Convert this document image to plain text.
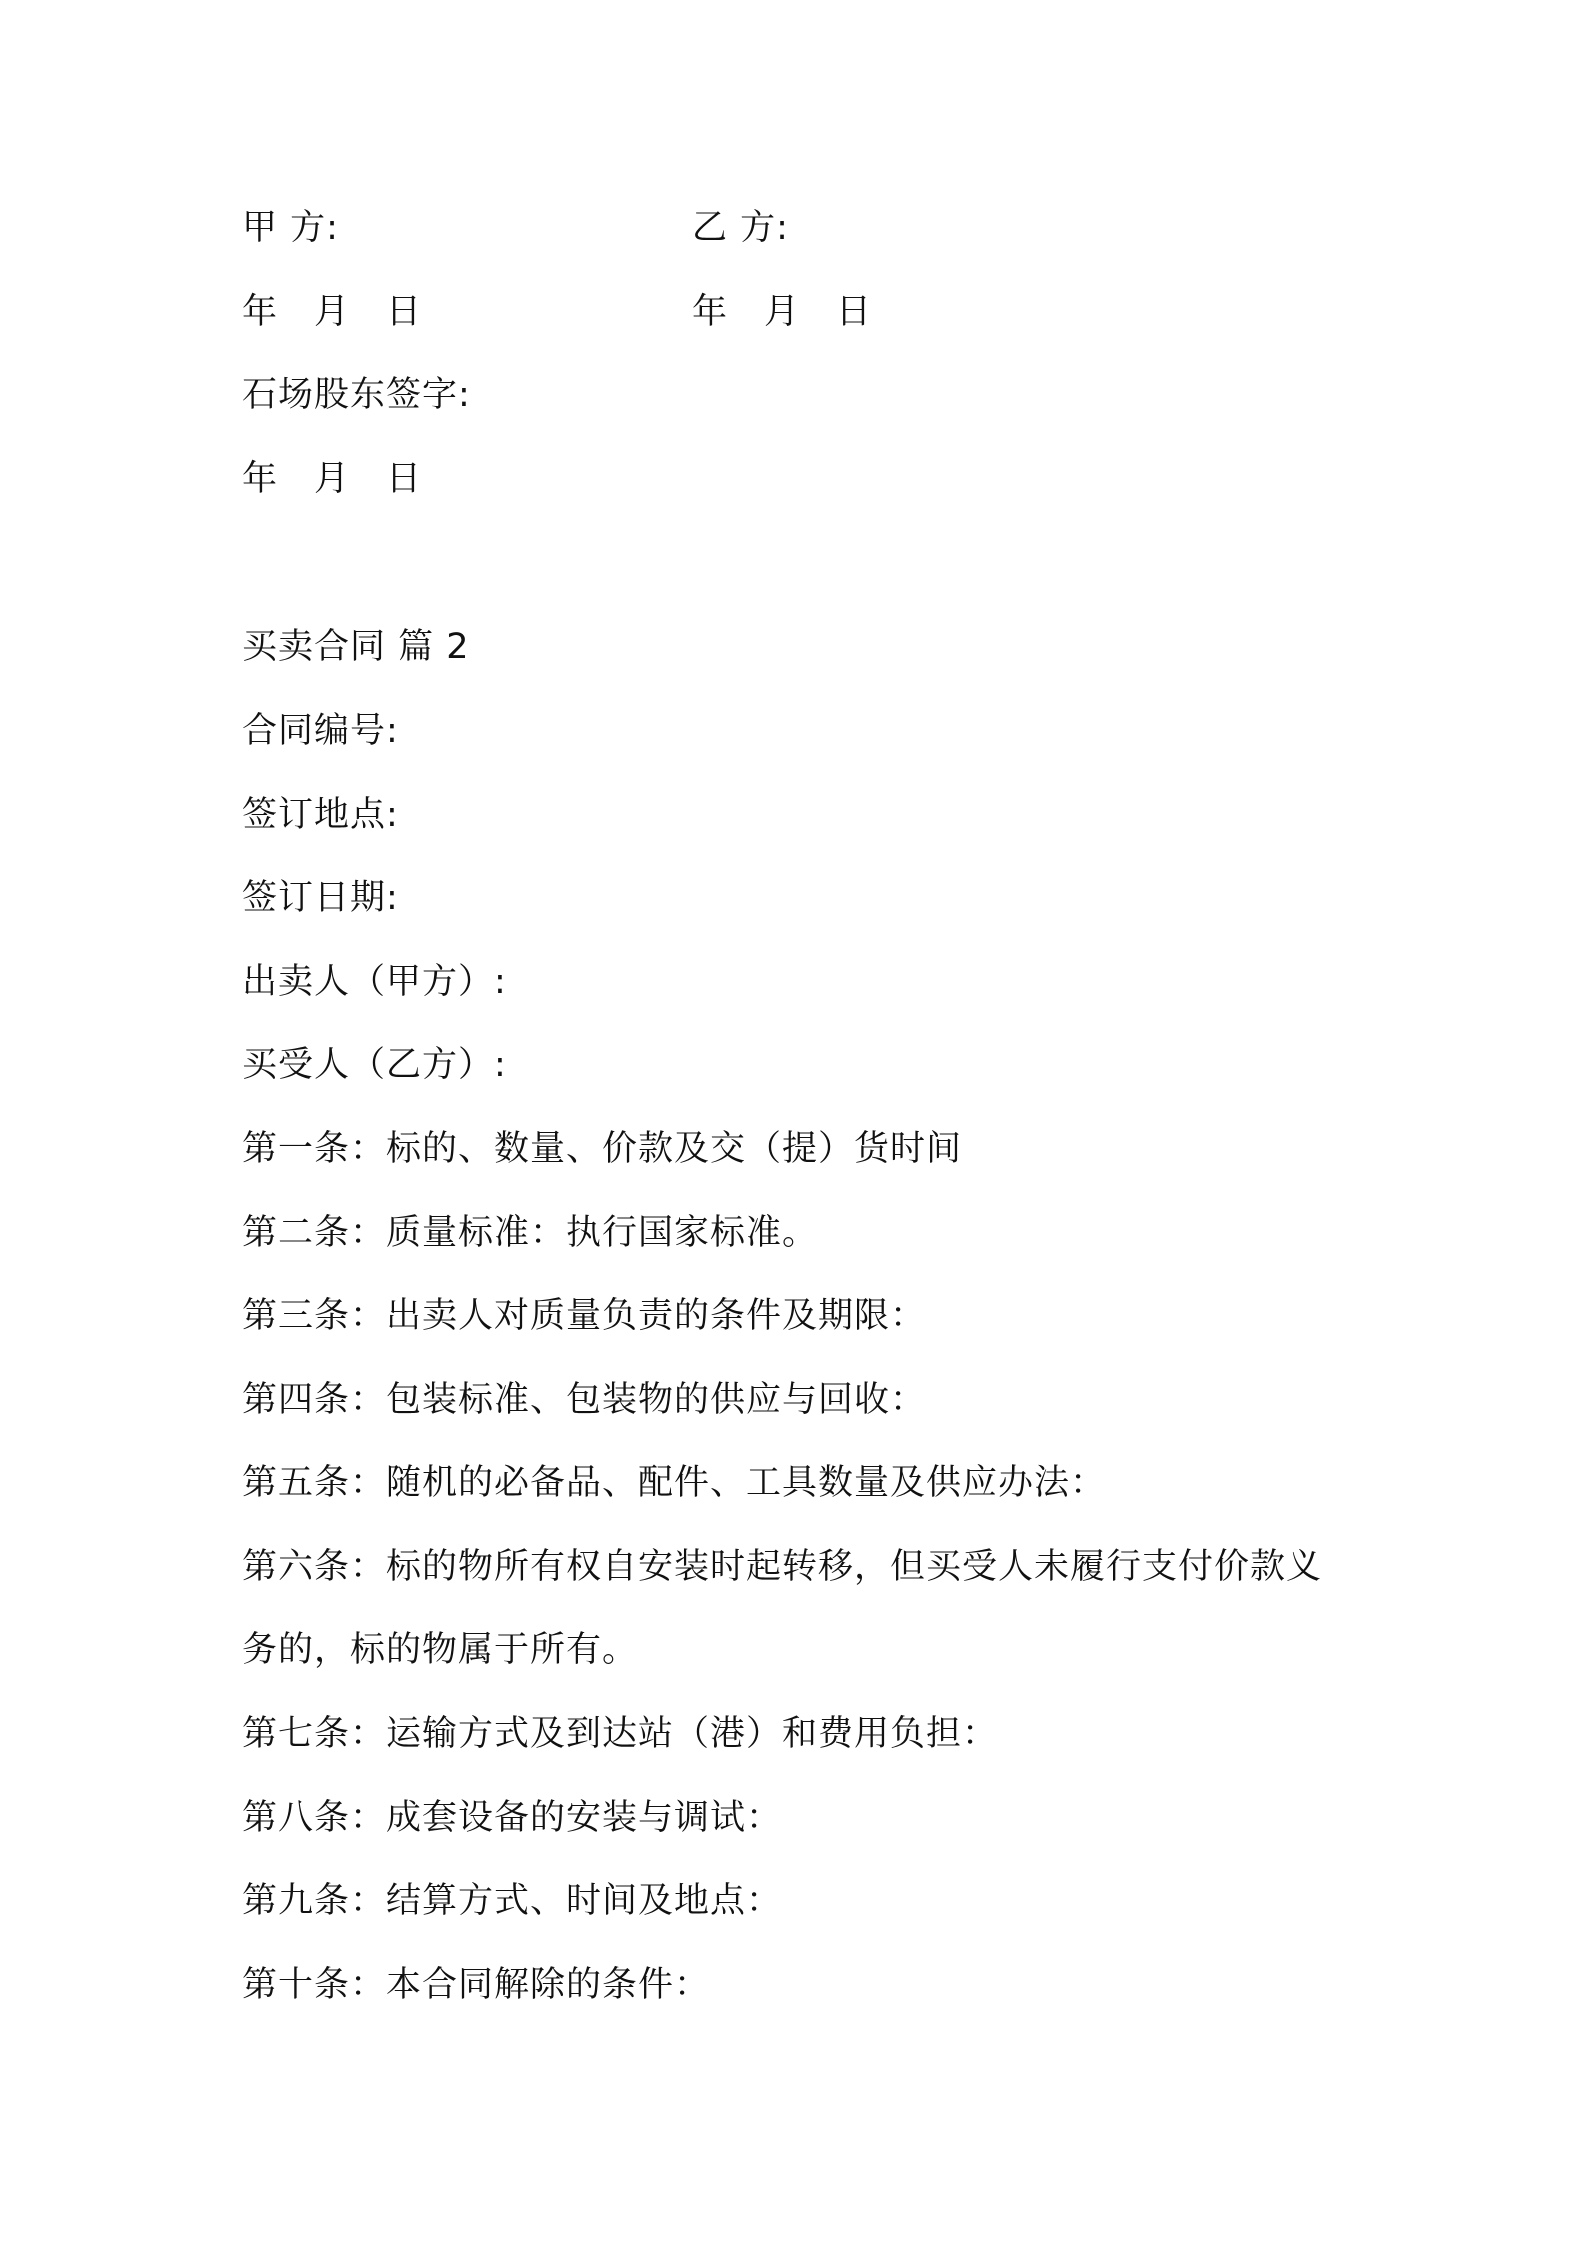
甲 方:	乙 方:
年　月　日	年　月　日
石场股东签字:
年　月　日
买卖合同 篇 2
合同编号:
签订地点:
签订日期:
出卖人（甲方）:
买受人（乙方）:
第一条：标的、数量、价款及交（提）货时间
第二条：质量标准：执行国家标准。
第三条：出卖人对质量负责的条件及期限：
第四条：包装标准、包装物的供应与回收：
第五条：随机的必备品、配件、工具数量及供应办法：
第六条：标的物所有权自安装时起转移，但买受人未履行支付价款义
务的，标的物属于所有。
第七条：运输方式及到达站（港）和费用负担：
第八条：成套设备的安装与调试：
第九条：结算方式、时间及地点：
第十条：本合同解除的条件：
